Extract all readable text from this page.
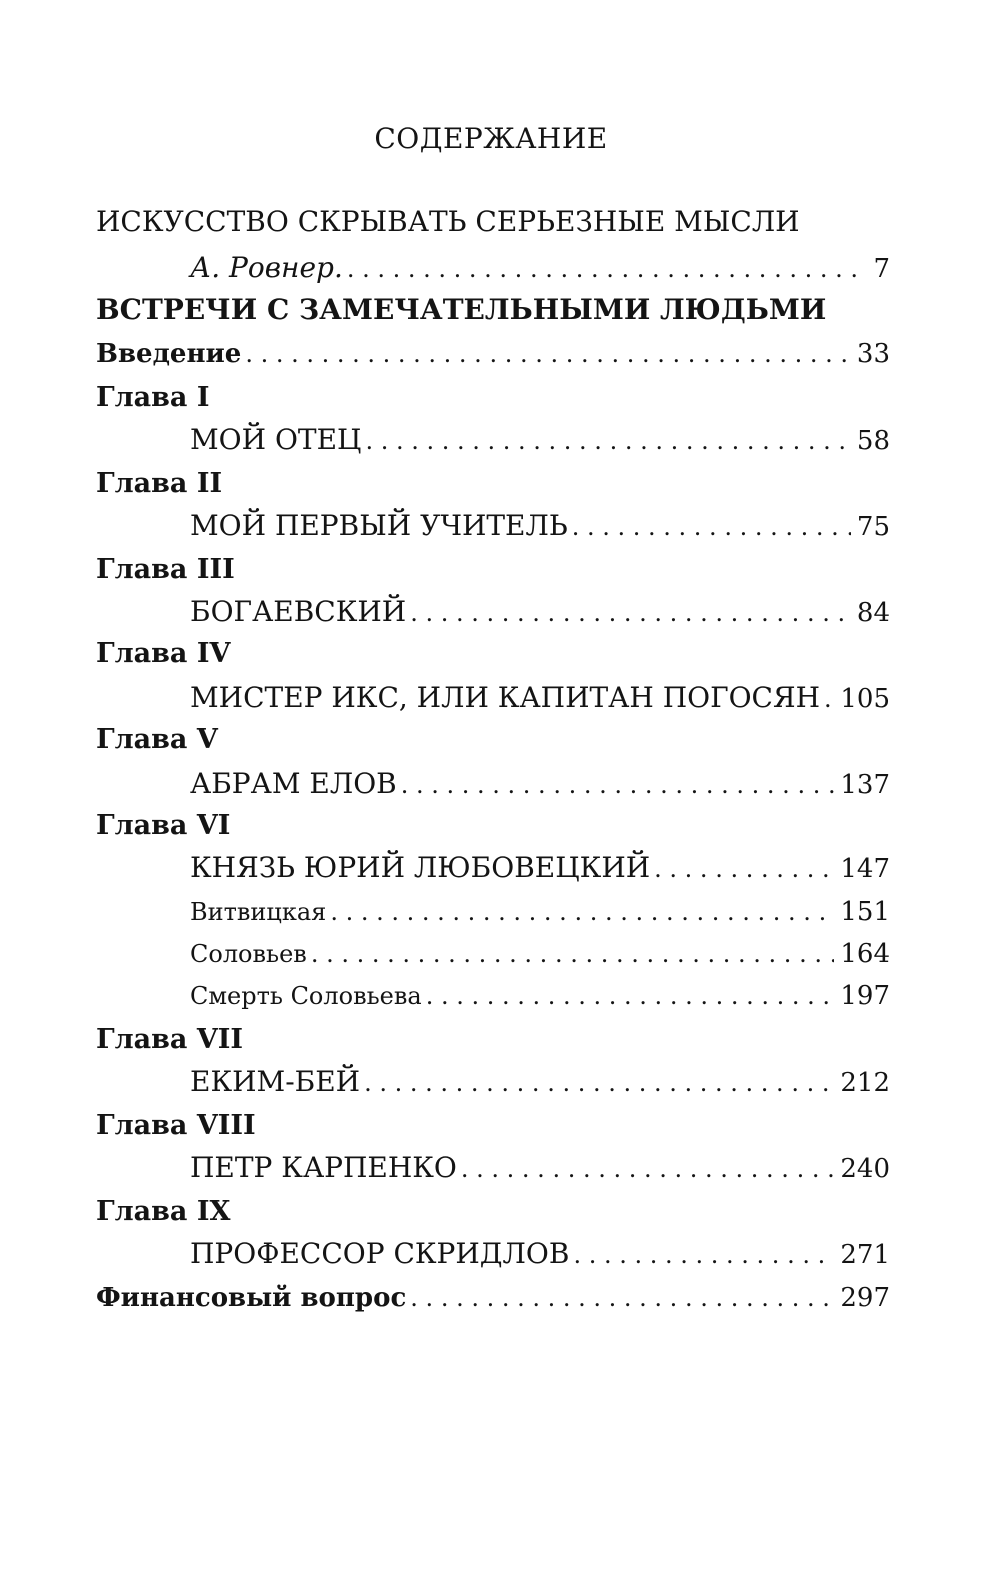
СОДЕРЖАНИЕ
ИСКУССТВО СКРЫВАТЬ СЕРЬЕЗНЫЕ МЫСЛИ
А. Ровнер. . . .	7
ВСТРЕЧИ С ЗАМЕЧАТЕЛЬНЫМИ ЛЮДЬМИ
Введение . . .	33
Глава I
МОЙ ОТЕЦ . . .	58
Глава II
МОЙ ПЕРВЫЙ УЧИТЕЛЬ . . .	75
Глава III
БОГАЕВСКИЙ . . .	84
Глава IV
МИСТЕР ИКС, ИЛИ КАПИТАН ПОГОСЯН . . . 105
Глава V
АБРАМ ЕЛОВ . . .	137
Глава VI
КНЯЗЬ ЮРИЙ ЛЮБОВЕЦКИЙ . . .	147
Витвицкая . . .	151
Соловьев . . .	164
Смерть Соловьева . . .	197
Глава VII
ЕКИМ-БЕЙ . . .	212
Глава VIII
ПЕТР КАРПЕНКО . . .	240
Глава IX
ПРОФЕССОР СКРИДЛОВ . . .	271
Финансовый вопрос . . .	297
